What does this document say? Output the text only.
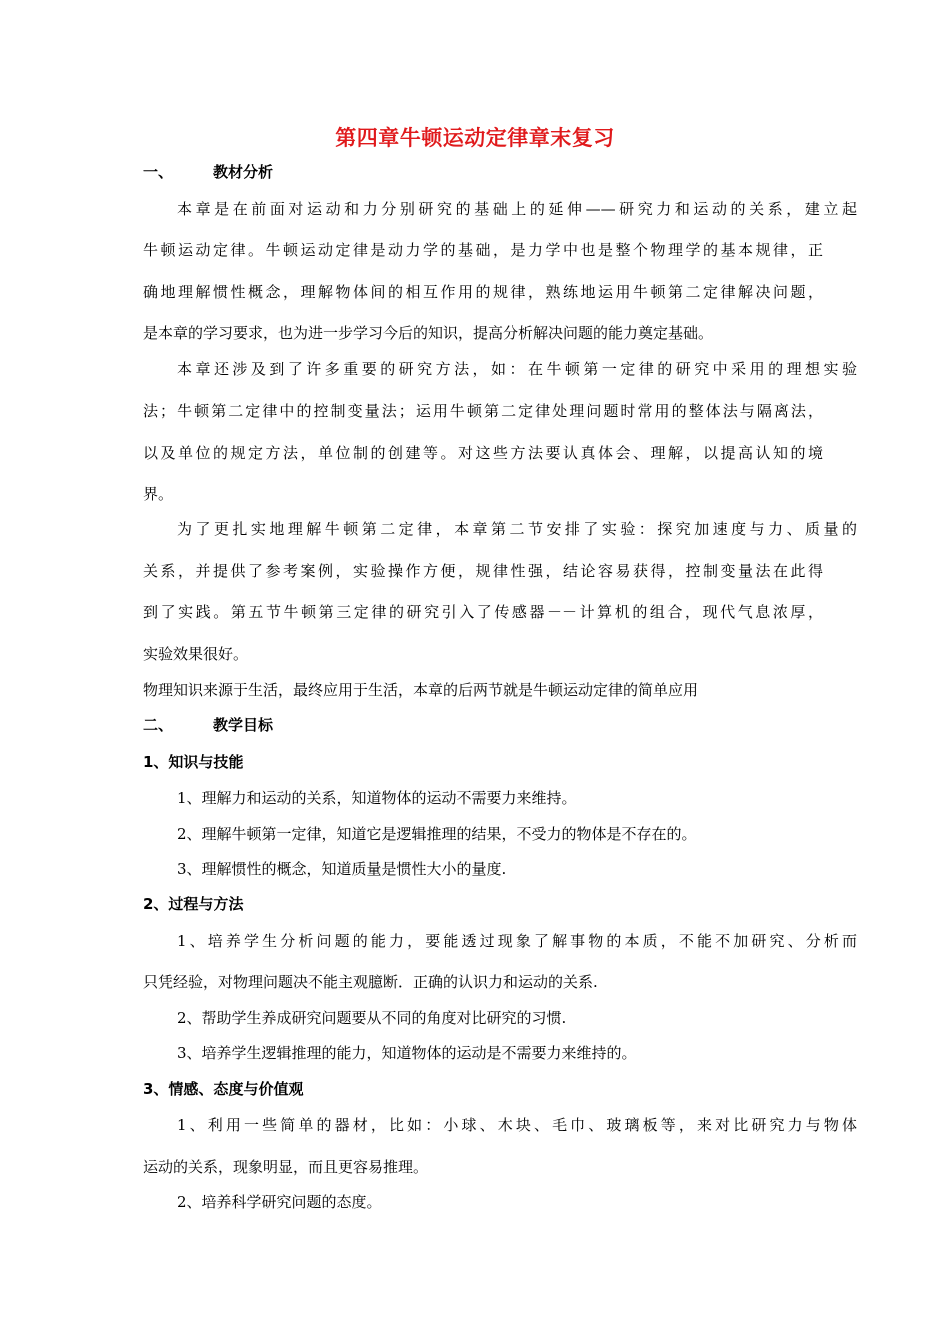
第四章牛顿运动定律章末复习
一、	教材分析
本章是在前面对运动和力分别研究的基础上的延伸——研究力和运动的关系，建立起
牛顿运动定律。牛顿运动定律是动力学的基础，是力学中也是整个物理学的基本规律，正
确地理解惯性概念，理解物体间的相互作用的规律，熟练地运用牛顿第二定律解决问题，
是本章的学习要求，也为进一步学习今后的知识，提高分析解决问题的能力奠定基础。
本章还涉及到了许多重要的研究方法，如：在牛顿第一定律的研究中采用的理想实验
法；牛顿第二定律中的控制变量法；运用牛顿第二定律处理问题时常用的整体法与隔离法，
以及单位的规定方法，单位制的创建等。对这些方法要认真体会、理解，以提高认知的境
界。
为了更扎实地理解牛顿第二定律，本章第二节安排了实验：探究加速度与力、质量的
关系，并提供了参考案例，实验操作方便，规律性强，结论容易获得，控制变量法在此得
到了实践。第五节牛顿第三定律的研究引入了传感器－－计算机的组合，现代气息浓厚，
实验效果很好。
物理知识来源于生活，最终应用于生活，本章的后两节就是牛顿运动定律的简单应用
二、	教学目标
1、知识与技能
1、理解力和运动的关系，知道物体的运动不需要力来维持。
2、理解牛顿第一定律，知道它是逻辑推理的结果，不受力的物体是不存在的。
3、理解惯性的概念，知道质量是惯性大小的量度.
2、过程与方法
1、培养学生分析问题的能力，要能透过现象了解事物的本质，不能不加研究、分析而
只凭经验，对物理问题决不能主观臆断．正确的认识力和运动的关系.
2、帮助学生养成研究问题要从不同的角度对比研究的习惯.
3、培养学生逻辑推理的能力，知道物体的运动是不需要力来维持的。
3、情感、态度与价值观
1、利用一些简单的器材，比如：小球、木块、毛巾、玻璃板等，来对比研究力与物体
运动的关系，现象明显，而且更容易推理。
2、培养科学研究问题的态度。
